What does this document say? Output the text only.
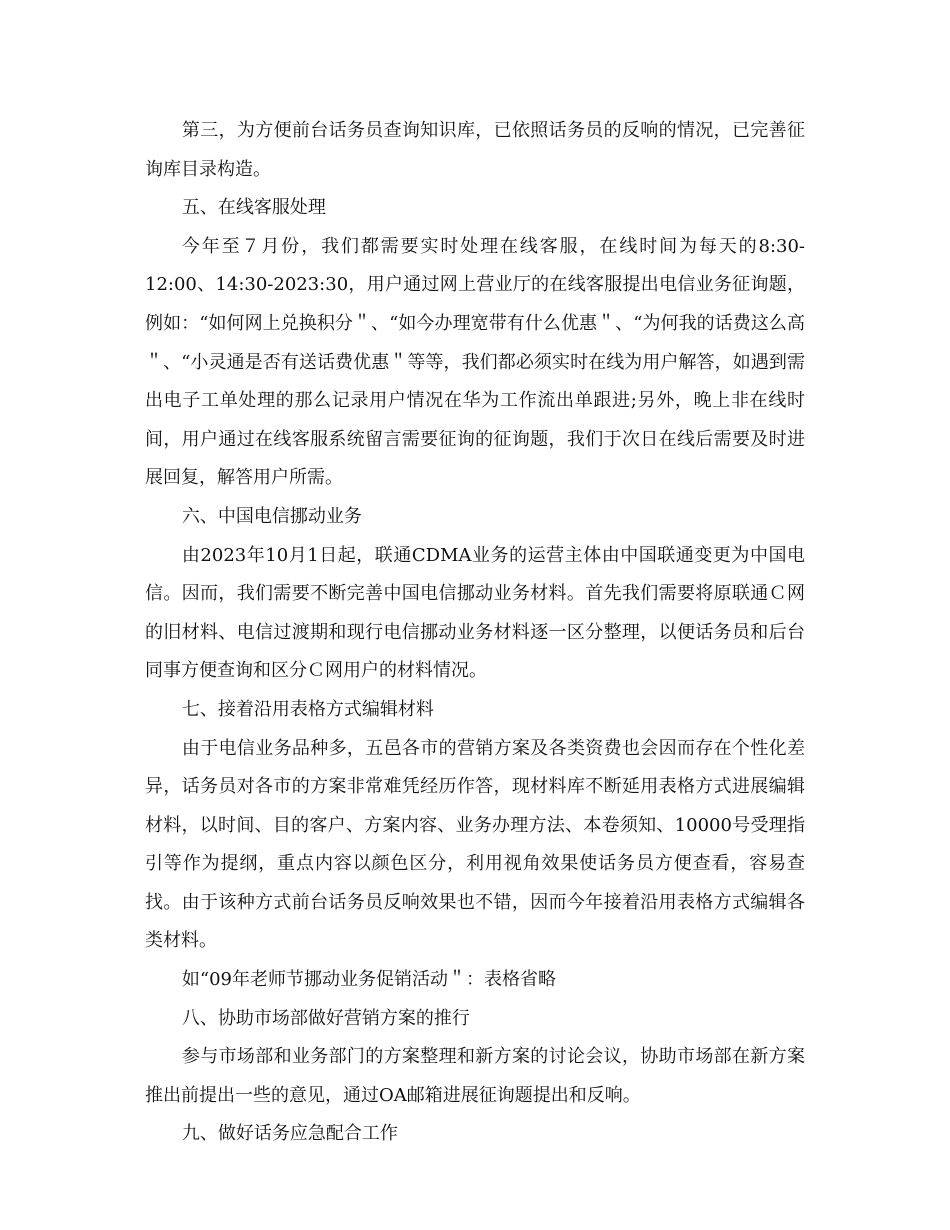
第三，为方便前台话务员查询知识库，已依照话务员的反响的情况，已完善征询库目录构造。

五、在线客服处理

今年至７月份，我们都需要实时处理在线客服，在线时间为每天的8:30-12:00、14:30-2023:30，用户通过网上营业厅的在线客服提出电信业务征询题，例如：“如何网上兑换积分＂、“如今办理宽带有什么优惠＂、“为何我的话费这么高＂、“小灵通是否有送话费优惠＂等等，我们都必须实时在线为用户解答，如遇到需出电子工单处理的那么记录用户情况在华为工作流出单跟进;另外，晚上非在线时间，用户通过在线客服系统留言需要征询的征询题，我们于次日在线后需要及时进展回复，解答用户所需。

六、中国电信挪动业务

由2023年10月1日起，联通CDMA业务的运营主体由中国联通变更为中国电信。因而，我们需要不断完善中国电信挪动业务材料。首先我们需要将原联通Ｃ网的旧材料、电信过渡期和现行电信挪动业务材料逐一区分整理，以便话务员和后台同事方便查询和区分Ｃ网用户的材料情况。

七、接着沿用表格方式编辑材料

由于电信业务品种多，五邑各市的营销方案及各类资费也会因而存在个性化差异，话务员对各市的方案非常难凭经历作答，现材料库不断延用表格方式进展编辑材料，以时间、目的客户、方案内容、业务办理方法、本卷须知、10000号受理指引等作为提纲，重点内容以颜色区分，利用视角效果使话务员方便查看，容易查找。由于该种方式前台话务员反响效果也不错，因而今年接着沿用表格方式编辑各类材料。

如“09年老师节挪动业务促销活动＂：表格省略

八、协助市场部做好营销方案的推行

参与市场部和业务部门的方案整理和新方案的讨论会议，协助市场部在新方案推出前提出一些的意见，通过OA邮箱进展征询题提出和反响。

九、做好话务应急配合工作
